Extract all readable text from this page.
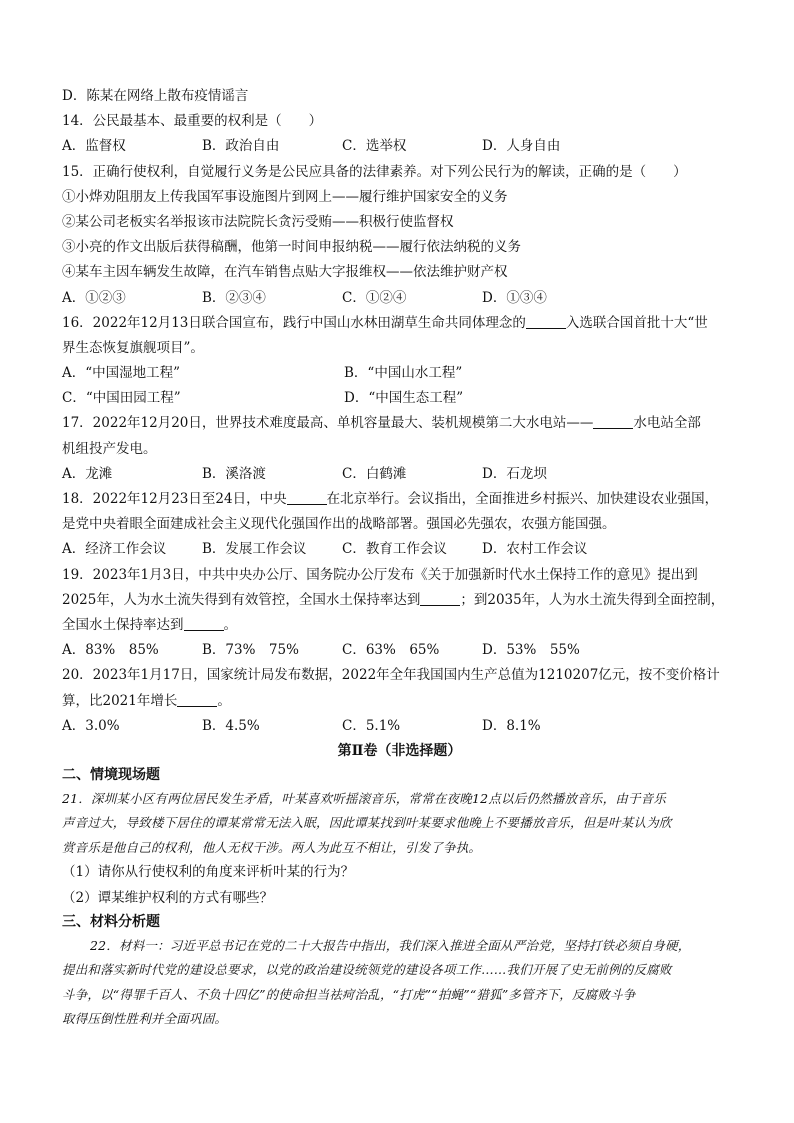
D．陈某在网络上散布疫情谣言
14．公民最基本、最重要的权利是（　　）
A．监督权	B．政治自由	C．选举权	D．人身自由
15．正确行使权利，自觉履行义务是公民应具备的法律素养。对下列公民行为的解读，正确的是（　　）
①小烨劝阻朋友上传我国军事设施图片到网上——履行维护国家安全的义务
②某公司老板实名举报该市法院院长贪污受贿——积极行使监督权
③小亮的作文出版后获得稿酬，他第一时间申报纳税——履行依法纳税的义务
④某车主因车辆发生故障，在汽车销售点贴大字报维权——依法维护财产权
A．①②③	B．②③④	C．①②④	D．①③④
16．2022年12月13日联合国宣布，践行中国山水林田湖草生命共同体理念的	入选联合国首批十大“世
界生态恢复旗舰项目”。
A．“中国湿地工程”	B．“中国山水工程”
C．“中国田园工程”	D．“中国生态工程”
17．2022年12月20日，世界技术难度最高、单机容量最大、装机规模第二大水电站——	水电站全部
机组投产发电。
A．龙滩	B．溪洛渡	C．白鹤滩	D．石龙坝
18．2022年12月23日至24日，中央	在北京举行。会议指出，全面推进乡村振兴、加快建设农业强国，
是党中央着眼全面建成社会主义现代化强国作出的战略部署。强国必先强农，农强方能国强。
A．经济工作会议	B．发展工作会议	C．教育工作会议	D．农村工作会议
19．2023年1月3日，中共中央办公厅、国务院办公厅发布《关于加强新时代水土保持工作的意见》提出到
2025年，人为水土流失得到有效管控，全国水土保持率达到	；到2035年，人为水土流失得到全面控制，
全国水土保持率达到	。
A．83%　85%	B．73%　75%	C．63%　65%	D．53%　55%
20．2023年1月17日，国家统计局发布数据，2022年全年我国国内生产总值为1210207亿元，按不变价格计
算，比2021年增长	。
A．3.0%	B．4.5%	C．5.1%	D．8.1%
第Ⅱ卷（非选择题）
二、情境现场题
21．深圳某小区有两位居民发生矛盾，叶某喜欢听摇滚音乐，常常在夜晚12点以后仍然播放音乐，由于音乐
声音过大，导致楼下居住的谭某常常无法入眠，因此谭某找到叶某要求他晚上不要播放音乐，但是叶某认为欣
赏音乐是他自己的权利，他人无权干涉。两人为此互不相让，引发了争执。
（1）请你从行使权利的角度来评析叶某的行为？
（2）谭某维护权利的方式有哪些？
三、材料分析题
22．材料一：习近平总书记在党的二十大报告中指出，我们深入推进全面从严治党，坚持打铁必须自身硬，
提出和落实新时代党的建设总要求，以党的政治建设统领党的建设各项工作……我们开展了史无前例的反腐败
斗争，以“得罪千百人、不负十四亿”的使命担当祛疴治乱，“打虎”“拍蝇”“猎狐”多管齐下，反腐败斗争
取得压倒性胜利并全面巩固。
